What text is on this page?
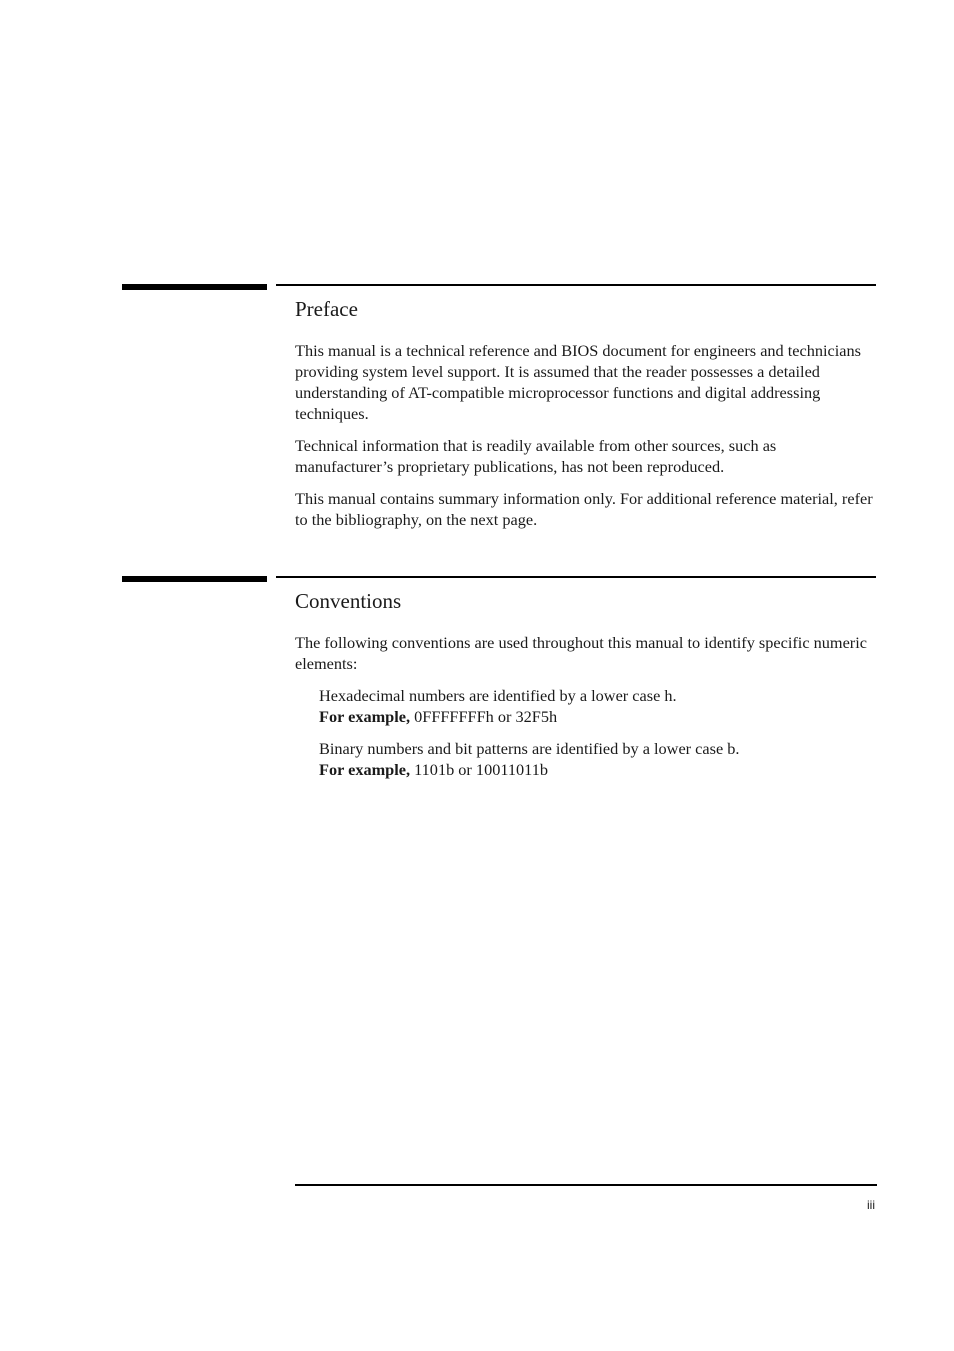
Preface

This manual is a technical reference and BIOS document for engineers and technicians providing system level support. It is assumed that the reader possesses a detailed understanding of AT-compatible microprocessor functions and digital addressing techniques.

Technical information that is readily available from other sources, such as manufacturer’s proprietary publications, has not been reproduced.

This manual contains summary information only. For additional reference material, refer to the bibliography, on the next page.

Conventions

The following conventions are used throughout this manual to identify specific numeric elements:

Hexadecimal numbers are identified by a lower case h.
For example, 0FFFFFFFh or 32F5h
Binary numbers and bit patterns are identified by a lower case b.
For example, 1101b or 10011011b
iii
